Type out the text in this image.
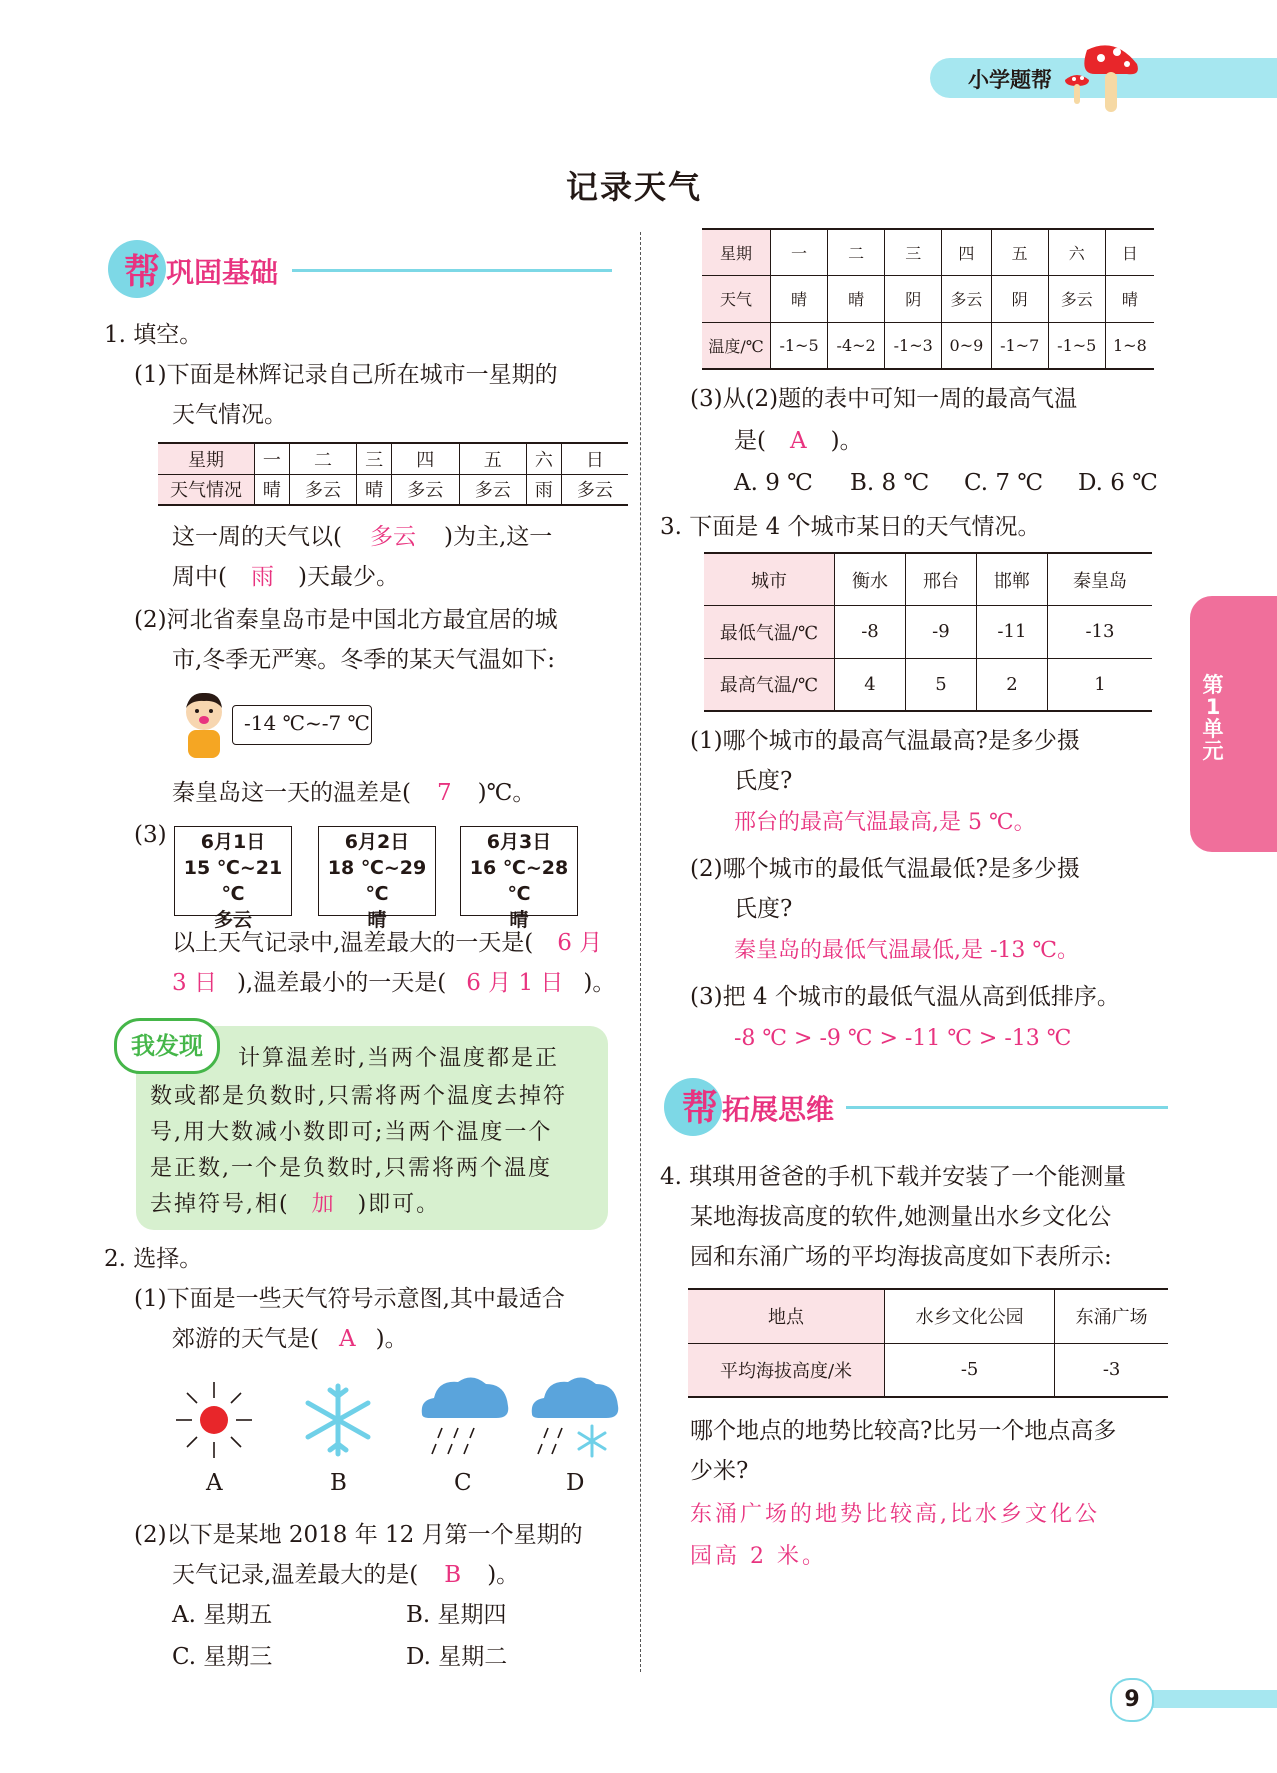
小学题帮
记录天气
帮 巩固基础
1. 填空。
(1)下面是林辉记录自己所在城市一星期的
天气情况。
星期	一	二	三	四	五	六	日
天气情况	晴	多云	晴	多云	多云	雨	多云
这一周的天气以( 多云 )为主,这一
周中( 雨 )天最少。
(2)河北省秦皇岛市是中国北方最宜居的城
市,冬季无严寒。冬季的某天气温如下:
-14 ℃~-7 ℃
秦皇岛这一天的温差是( 7 )℃。
(3)	6月1日
15 ℃~21 ℃
多云
6月2日
18 ℃~29 ℃
晴
6月3日
16 ℃~28 ℃
晴
以上天气记录中,温差最大的一天是( 6 月
3 日 ),温差最小的一天是( 6 月 1 日 )。
我发现	计算温差时,当两个温度都是正
数或都是负数时,只需将两个温度去掉符
号,用大数减小数即可;当两个温度一个
是正数,一个是负数时,只需将两个温度
去掉符号,相( 加 )即可。
2. 选择。
(1)下面是一些天气符号示意图,其中最适合
郊游的天气是( A )。
A	B	C	D
(2)以下是某地 2018 年 12 月第一个星期的
天气记录,温差最大的是( B )。
A. 星期五	B. 星期四
C. 星期三	D. 星期二
星期	一	二	三	四	五	六	日
天气	晴	晴	阴	多云	阴	多云	晴
温度/℃	-1~5	-4~2	-1~3	0~9	-1~7	-1~5	1~8
(3)从(2)题的表中可知一周的最高气温
是( A )。
A. 9 ℃ B. 8 ℃ C. 7 ℃ D. 6 ℃
3. 下面是 4 个城市某日的天气情况。
城市	衡水	邢台	邯郸	秦皇岛
最低气温/℃	-8	-9	-11	-13
最高气温/℃	4	5	2	1
(1)哪个城市的最高气温最高?是多少摄
氏度?
邢台的最高气温最高,是 5 ℃。
(2)哪个城市的最低气温最低?是多少摄
氏度?
秦皇岛的最低气温最低,是 -13 ℃。
(3)把 4 个城市的最低气温从高到低排序。
-8 ℃ > -9 ℃ > -11 ℃ > -13 ℃
帮 拓展思维
4. 琪琪用爸爸的手机下载并安装了一个能测量
某地海拔高度的软件,她测量出水乡文化公
园和东涌广场的平均海拔高度如下表所示:
地点	水乡文化公园	东涌广场
平均海拔高度/米	-5	-3
哪个地点的地势比较高?比另一个地点高多
少米?
东涌广场的地势比较高,比水乡文化公
园高 2 米。
第
1
单
元
9
